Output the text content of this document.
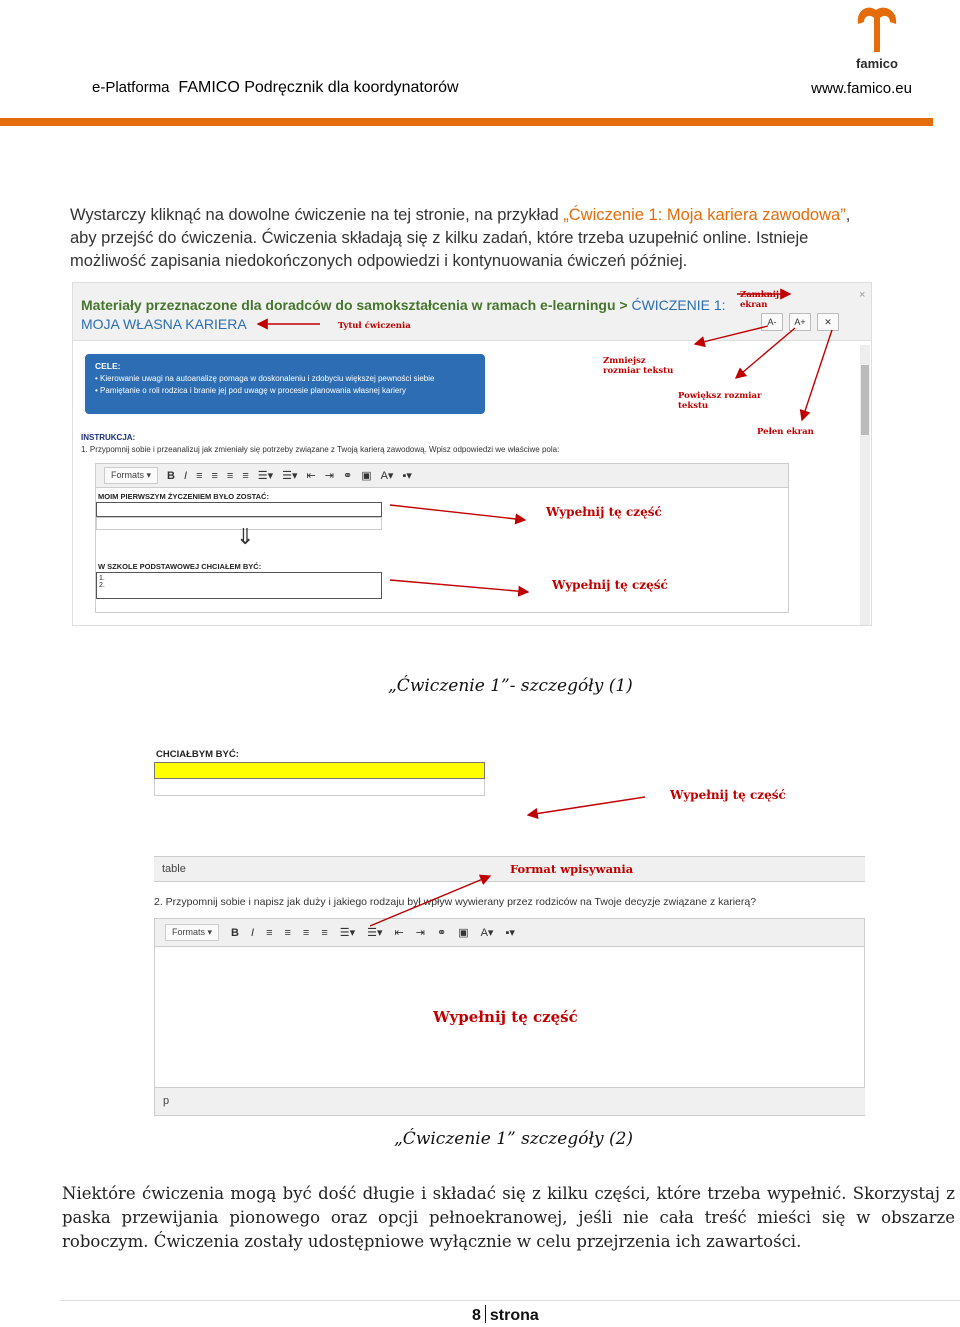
e-Platforma FAMICO Podręcznik dla koordynatorów	www.famico.eu
famico
Wystarczy kliknąć na dowolne ćwiczenie na tej stronie, na przykład „Ćwiczenie 1: Moja kariera zawodowa”, aby przejść do ćwiczenia. Ćwiczenia składają się z kilku zadań, które trzeba uzupełnić online. Istnieje możliwość zapisania niedokończonych odpowiedzi i kontynuowania ćwiczeń później.
Materiały przeznaczone dla doradców do samokształcenia w ramach e-learningu > ĆWICZENIE 1:
MOJA WŁASNA KARIERA	A-	A+	✕
×
CELE:
• Kierowanie uwagi na autoanalizę pomaga w doskonaleniu i zdobyciu większej pewności siebie
• Pamiętanie o roli rodzica i branie jej pod uwagę w procesie planowania własnej kariery
INSTRUKCJA:
1. Przypomnij sobie i przeanalizuj jak zmieniały się potrzeby związane z Twoją karierą zawodową. Wpisz odpowiedzi we właściwe pola:
Formats ▾	B I ≡ ≡ ≡ ≡ ☰▾ ☰▾ ⇤ ⇥ ⚭ ▣ A▾ ▪▾
MOIM PIERWSZYM ŻYCZENIEM BYŁO ZOSTAĆ:
⇓
W SZKOLE PODSTAWOWEJ CHCIAŁEM BYĆ:
1.
2.
Zamknij
ekran
Tytuł ćwiczenia
Zmniejsz
rozmiar tekstu
Powiększ rozmiar
tekstu
Pełen ekran
Wypełnij tę część
Wypełnij tę część
„Ćwiczenie 1”- szczegóły (1)
CHCIAŁBYM BYĆ:
table
2. Przypomnij sobie i napisz jak duży i jakiego rodzaju był wpływ wywierany przez rodziców na Twoje decyzje związane z karierą?
Formats ▾	B I ≡ ≡ ≡ ≡ ☰▾ ☰▾ ⇤ ⇥ ⚭ ▣ A▾ ▪▾
p
Wypełnij tę część
Format wpisywania
Wypełnij tę część
„Ćwiczenie 1” szczegóły (2)
Niektóre ćwiczenia mogą być dość długie i składać się z kilku części, które trzeba wypełnić. Skorzystaj z paska przewijania pionowego oraz opcji pełnoekranowej, jeśli nie cała treść mieści się w obszarze roboczym. Ćwiczenia zostały udostępniowe wyłącznie w celu przejrzenia ich zawartości.
8 strona
